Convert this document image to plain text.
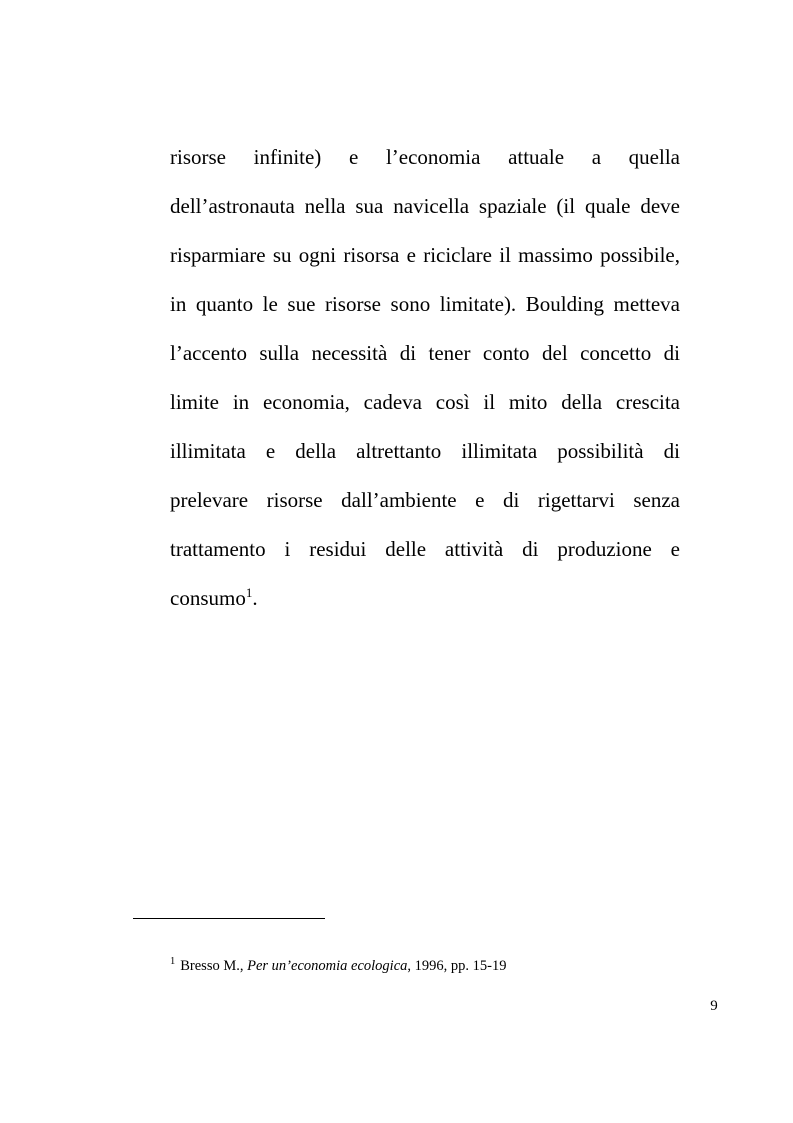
risorse infinite) e l’economia attuale a quella
dell’astronauta nella sua navicella spaziale (il quale deve
risparmiare su ogni risorsa e riciclare il massimo possibile,
in quanto le sue risorse sono limitate). Boulding metteva
l’accento sulla necessità di tener conto del concetto di
limite in economia, cadeva così il mito della crescita
illimitata e della altrettanto illimitata possibilità di
prelevare risorse dall’ambiente e di rigettarvi senza
trattamento i residui delle attività di produzione e
consumo$^1$.
$^1$ Bresso M., Per un’economia ecologica, 1996, pp. 15-19
9
